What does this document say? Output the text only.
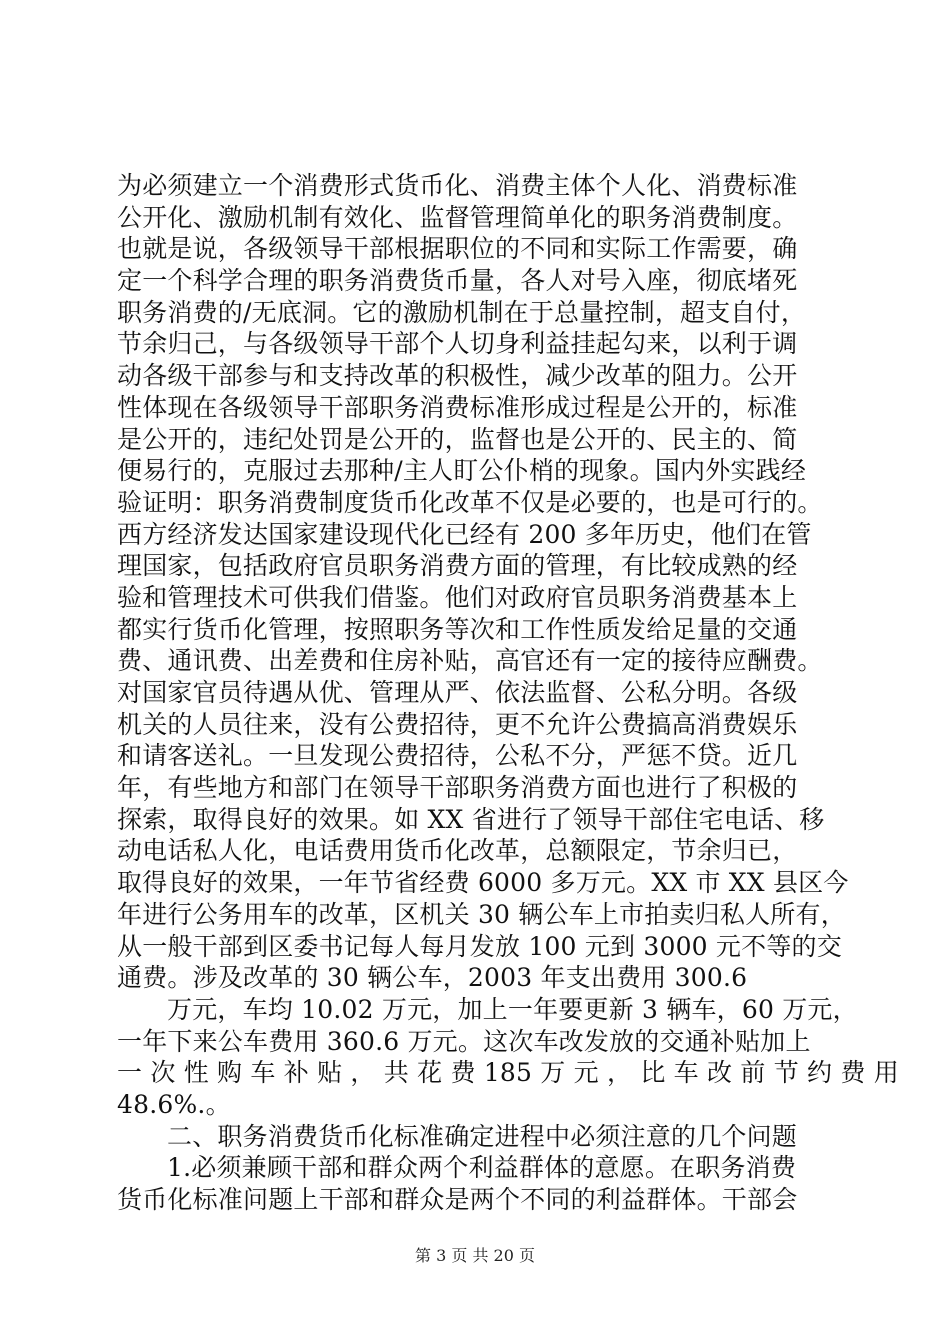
为必须建立一个消费形式货币化、消费主体个人化、消费标准
公开化、激励机制有效化、监督管理简单化的职务消费制度。
也就是说，各级领导干部根据职位的不同和实际工作需要，确
定一个科学合理的职务消费货币量，各人对号入座，彻底堵死
职务消费的/无底洞。它的激励机制在于总量控制，超支自付，
节余归己，与各级领导干部个人切身利益挂起勾来，以利于调
动各级干部参与和支持改革的积极性，减少改革的阻力。公开
性体现在各级领导干部职务消费标准形成过程是公开的，标准
是公开的，违纪处罚是公开的，监督也是公开的、民主的、简
便易行的，克服过去那种/主人盯公仆梢的现象。国内外实践经
验证明：职务消费制度货币化改革不仅是必要的，也是可行的。
西方经济发达国家建设现代化已经有 200 多年历史，他们在管
理国家，包括政府官员职务消费方面的管理，有比较成熟的经
验和管理技术可供我们借鉴。他们对政府官员职务消费基本上
都实行货币化管理，按照职务等次和工作性质发给足量的交通
费、通讯费、出差费和住房补贴，高官还有一定的接待应酬费。
对国家官员待遇从优、管理从严、依法监督、公私分明。各级
机关的人员往来，没有公费招待，更不允许公费搞高消费娱乐
和请客送礼。一旦发现公费招待，公私不分，严惩不贷。近几
年，有些地方和部门在领导干部职务消费方面也进行了积极的
探索，取得良好的效果。如 XX 省进行了领导干部住宅电话、移
动电话私人化，电话费用货币化改革，总额限定，节余归已，
取得良好的效果，一年节省经费 6000 多万元。XX 市 XX 县区今
年进行公务用车的改革，区机关 30 辆公车上市拍卖归私人所有，
从一般干部到区委书记每人每月发放 100 元到 3000 元不等的交
通费。涉及改革的 30 辆公车，2003 年支出费用 300.6
万元，车均 10.02 万元，加上一年要更新 3 辆车，60 万元，
一年下来公车费用 360.6 万元。这次车改发放的交通补贴加上
一 次 性 购 车 补 贴 ， 共 花 费 185 万 元 ， 比 车 改 前 节 约 费 用
48.6%.。
二、职务消费货币化标准确定进程中必须注意的几个问题
1.必须兼顾干部和群众两个利益群体的意愿。在职务消费
货币化标准问题上干部和群众是两个不同的利益群体。干部会
第 3 页 共 20 页
